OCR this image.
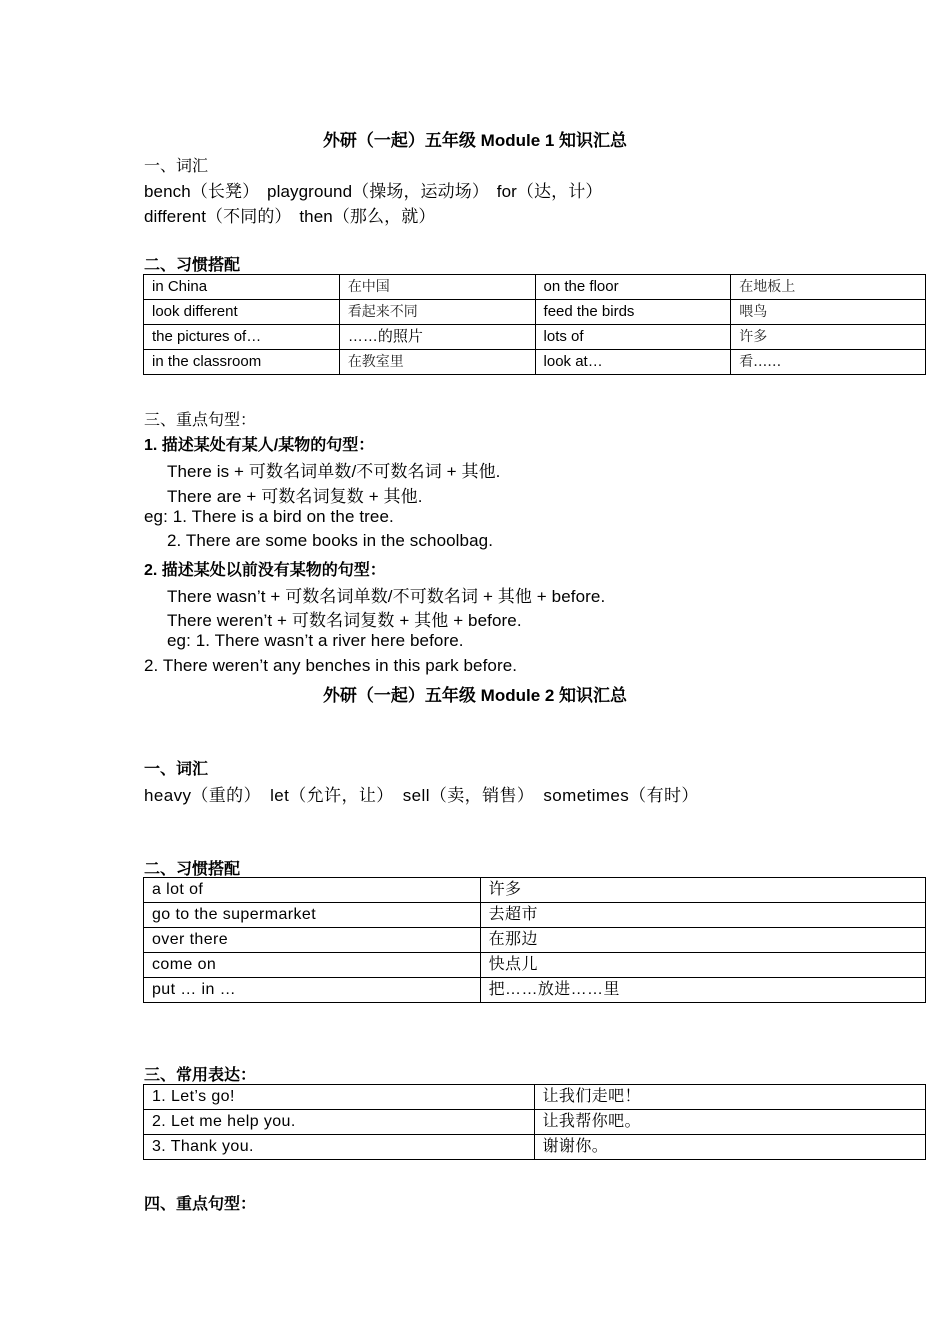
外研（一起）五年级 Module 1 知识汇总
一、词汇
bench（长凳） playground（操场，运动场） for（达，计）
different（不同的） then（那么，就）
二、习惯搭配
in China	在中国	on the floor	在地板上
look different	看起来不同	feed the birds	喂鸟
the pictures of…	……的照片	lots of	许多
in the classroom	在教室里	look at…	看……
三、重点句型：
1. 描述某处有某人/某物的句型：
There is + 可数名词单数/不可数名词 + 其他.
There are + 可数名词复数 + 其他.
eg: 1. There is a bird on the tree.
2. There are some books in the schoolbag.
2. 描述某处以前没有某物的句型：
There wasn’t + 可数名词单数/不可数名词 + 其他 + before.
There weren’t + 可数名词复数 + 其他 + before.
eg: 1. There wasn’t a river here before.
2. There weren’t any benches in this park before.
外研（一起）五年级 Module 2 知识汇总
一、词汇
heavy（重的） let（允许，让） sell（卖，销售） sometimes（有时）
二、习惯搭配
a lot of	许多
go to the supermarket	去超市
over there	在那边
come on	快点儿
put … in …	把……放进……里
三、常用表达：
1. Let’s go!	让我们走吧！
2. Let me help you.	让我帮你吧。
3. Thank you.	谢谢你。
四、重点句型：
